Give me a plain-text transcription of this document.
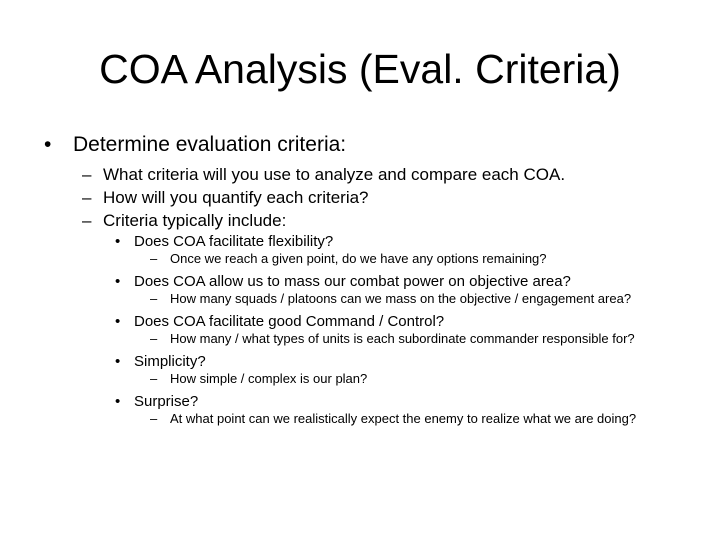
COA Analysis (Eval. Criteria)
• Determine evaluation criteria:
– What criteria will you use to analyze and compare each COA.
– How will you quantify each criteria?
– Criteria typically include:
• Does COA facilitate flexibility?
– Once we reach a given point, do we have any options remaining?
• Does COA allow us to mass our combat power on objective area?
– How many squads / platoons can we mass on the objective / engagement area?
• Does COA facilitate good Command / Control?
– How many / what types of units is each subordinate commander responsible for?
• Simplicity?
– How simple / complex is our plan?
• Surprise?
– At what point can we realistically expect the enemy to realize what we are doing?
